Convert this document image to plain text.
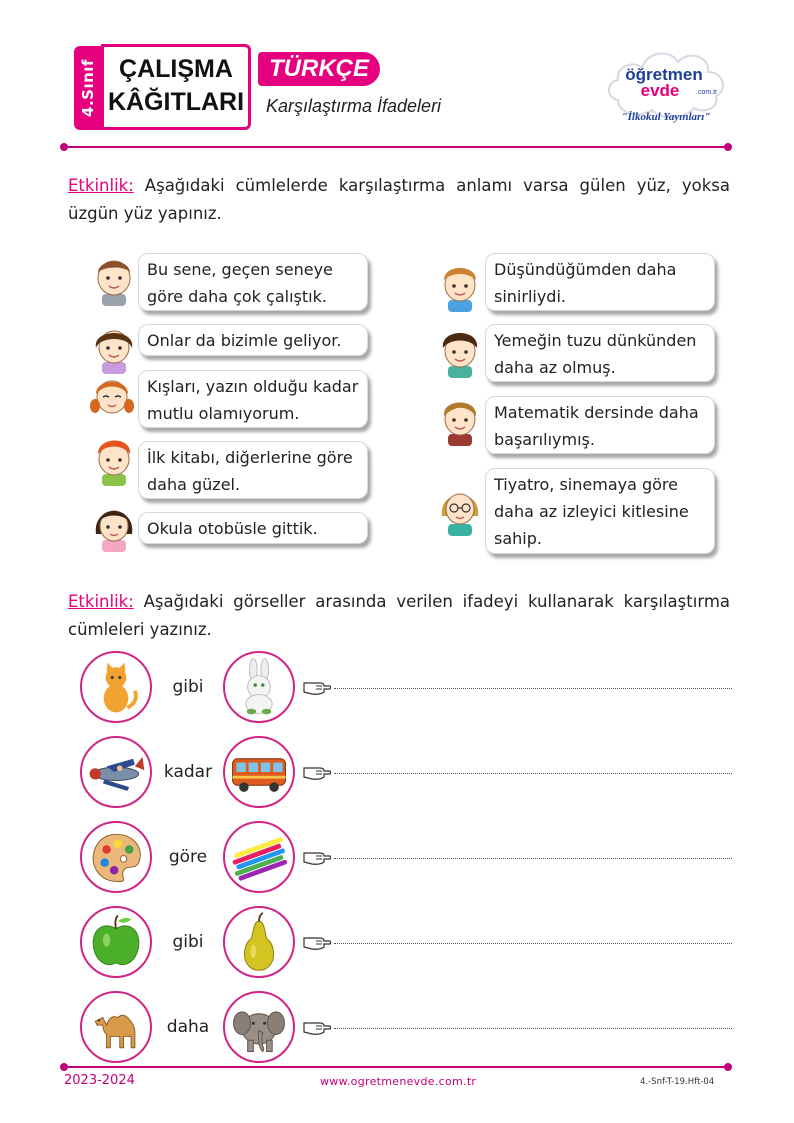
4.Sınıf ÇALIŞMA
KÂĞITLARI
TÜRKÇE
Karşılaştırma İfadeleri
öğretmen
evde .com.tr
"İlkokul Yayınları"
Etkinlik: Aşağıdaki cümlelerde karşılaştırma anlamı varsa gülen yüz, yoksa üzgün yüz yapınız.
Bu sene, geçen seneye göre daha çok çalıştık.
Onlar da bizimle geliyor.
Kışları, yazın olduğu kadar mutlu olamıyorum.
İlk kitabı, diğerlerine göre daha güzel.
Okula otobüsle gittik.
Düşündüğümden daha sinirliydi.
Yemeğin tuzu dünkünden daha az olmuş.
Matematik dersinde daha başarılıymış.
Tiyatro, sinemaya göre daha az izleyici kitlesine sahip.
Etkinlik: Aşağıdaki görseller arasında verilen ifadeyi kullanarak karşılaştırma cümleleri yazınız.
gibi
kadar
göre
gibi
daha
2023-2024	www.ogretmenevde.com.tr	4.-Snf-T-19.Hft-04
